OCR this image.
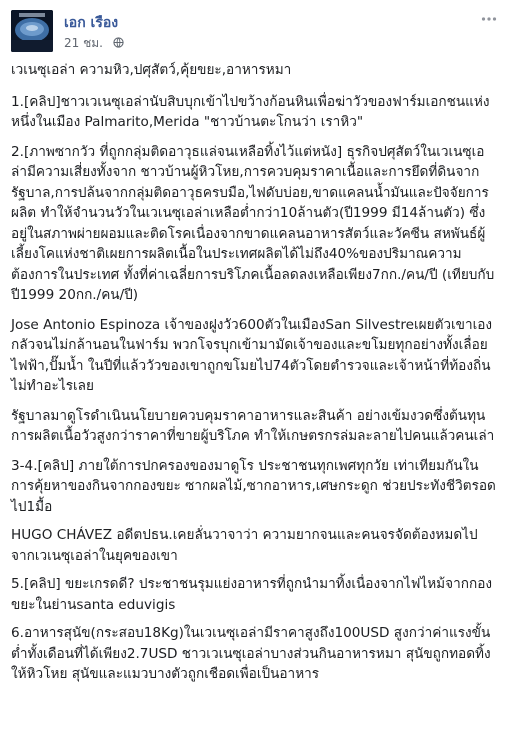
เอก เรือง
21 ชม.

เวเนซุเอล่า ความหิว,ปศุสัตว์,คุ้ยขยะ,อาหารหมา

1.[คลิป]ชาวเวเนซุเอล่านับสิบบุกเข้าไปขว้างก้อนหินเพื่อฆ่าวัวของฟาร์มเอกชนแห่งหนึ่งในเมือง Palmarito,Merida "ชาวบ้านตะโกนว่า เราหิว"

2.[ภาพซากวัว ที่ถูกกลุ่มติดอาวุธแล่จนเหลือทิ้งไว้แต่หนัง] ธุรกิจปศุสัตว์ในเวเนซุเอล่ามีความเสี่ยงทั้งจาก ชาวบ้านผู้หิวโหย,การควบคุมราคาเนื้อและการยึดที่ดินจากรัฐบาล,การปล้นจากกลุ่มติดอาวุธครบมือ,ไฟดับบ่อย,ขาดแคลนน้ำมันและปัจจัยการผลิต ทำให้จำนวนวัวในเวเนซุเอล่าเหลือต่ำกว่า10ล้านตัว(ปี1999 มี14ล้านตัว) ซึ่งอยู่ในสภาพผ่ายผอมและติดโรคเนื่องจากขาดแคลนอาหารสัตว์และวัคซีน สหพันธ์ผู้เลี้ยงโคแห่งชาติเผยการผลิตเนื้อในประเทศผลิตได้ไม่ถึง40%ของปริมาณความต้องการในประเทศ ทั้งที่ค่าเฉลี่ยการบริโภคเนื้อลดลงเหลือเพียง7กก./คน/ปี (เทียบกับปี1999 20กก./คน/ปี)

Jose Antonio Espinoza เจ้าของฝูงวัว600ตัวในเมืองSan Silvestreเผยตัวเขาเองกลัวจนไม่กล้านอนในฟาร์ม พวกโจรบุกเข้ามามัดเจ้าของและขโมยทุกอย่างทั้งเลื่อยไฟฟ้า,ปั๊มน้ำ ในปีที่แล้ววัวของเขาถูกขโมยไป74ตัวโดยตำรวจและเจ้าหน้าที่ท้องถิ่นไม่ทำอะไรเลย

รัฐบาลมาดูโรดำเนินนโยบายควบคุมราคาอาหารและสินค้า อย่างเข้มงวดซึ่งต้นทุนการผลิตเนื้อวัวสูงกว่าราคาที่ขายผู้บริโภค ทำให้เกษตรกรล่มละลายไปคนแล้วคนเล่า

3-4.[คลิป] ภายใต้การปกครองของมาดูโร ประชาชนทุกเพศทุกวัย เท่าเทียมกันในการคุ้ยหาของกินจากกองขยะ ซากผลไม้,ซากอาหาร,เศษกระดูก ช่วยประทังชีวิตรอดไป1มื้อ

HUGO CHÁVEZ อดีตปธน.เคยลั่นวาจาว่า ความยากจนและคนจรจัดต้องหมดไปจากเวเนซุเอล่าในยุคของเขา

5.[คลิป] ขยะเกรดดี? ประชาชนรุมแย่งอาหารที่ถูกนำมาทิ้งเนื่องจากไฟไหม้จากกองขยะในย่านsanta eduvigis

6.อาหารสุนัข(กระสอบ18Kg)ในเวเนซุเอล่ามีราคาสูงถึง100USD สูงกว่าค่าแรงขั้นต่ำทั้งเดือนที่ได้เพียง2.7USD ชาวเวเนซุเอล่าบางส่วนกินอาหารหมา สุนัขถูกทอดทิ้งให้หิวโหย สุนัขและแมวบางตัวถูกเชือดเพื่อเป็นอาหาร
